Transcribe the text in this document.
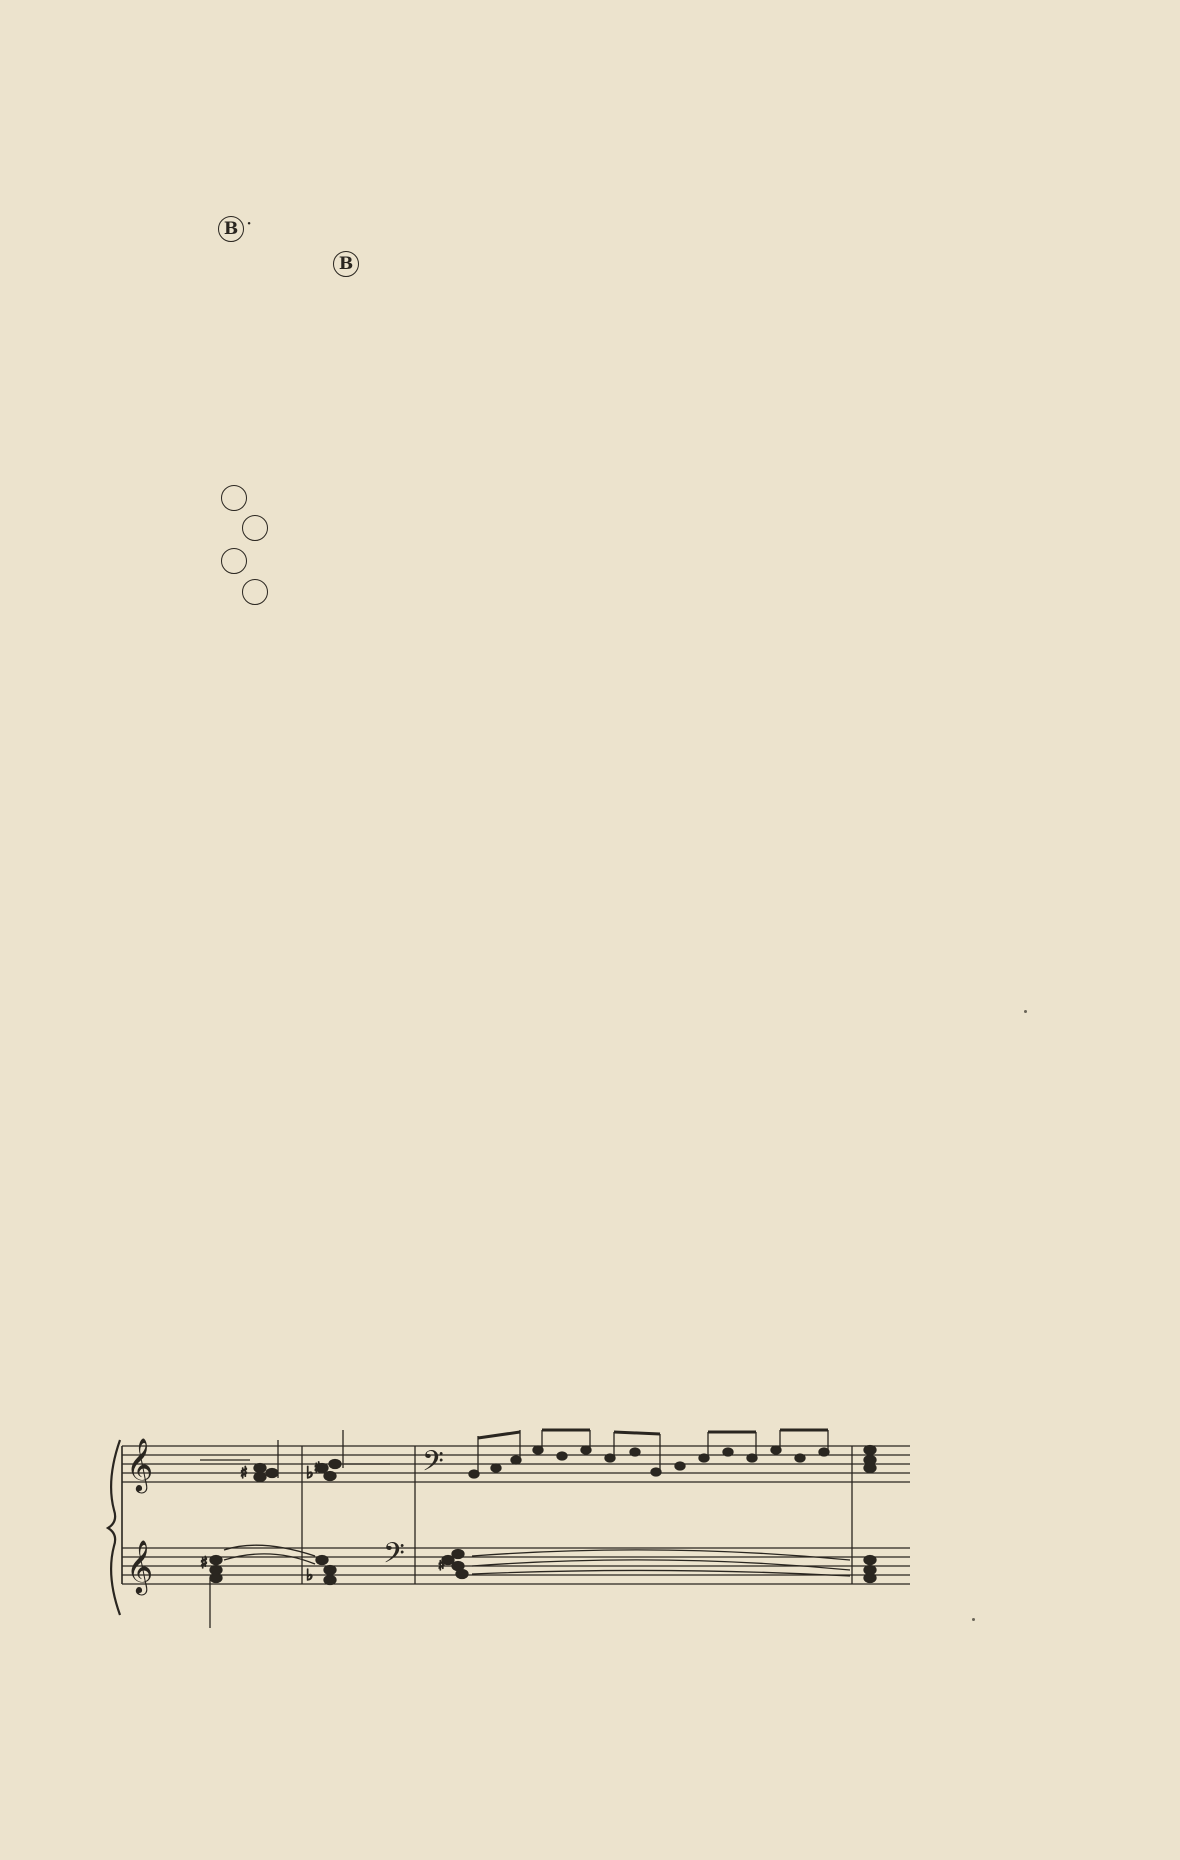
B ·
B
𝄞
𝄞
𝄢
𝄢
♯	♭ ♯
♯
♭
♯
